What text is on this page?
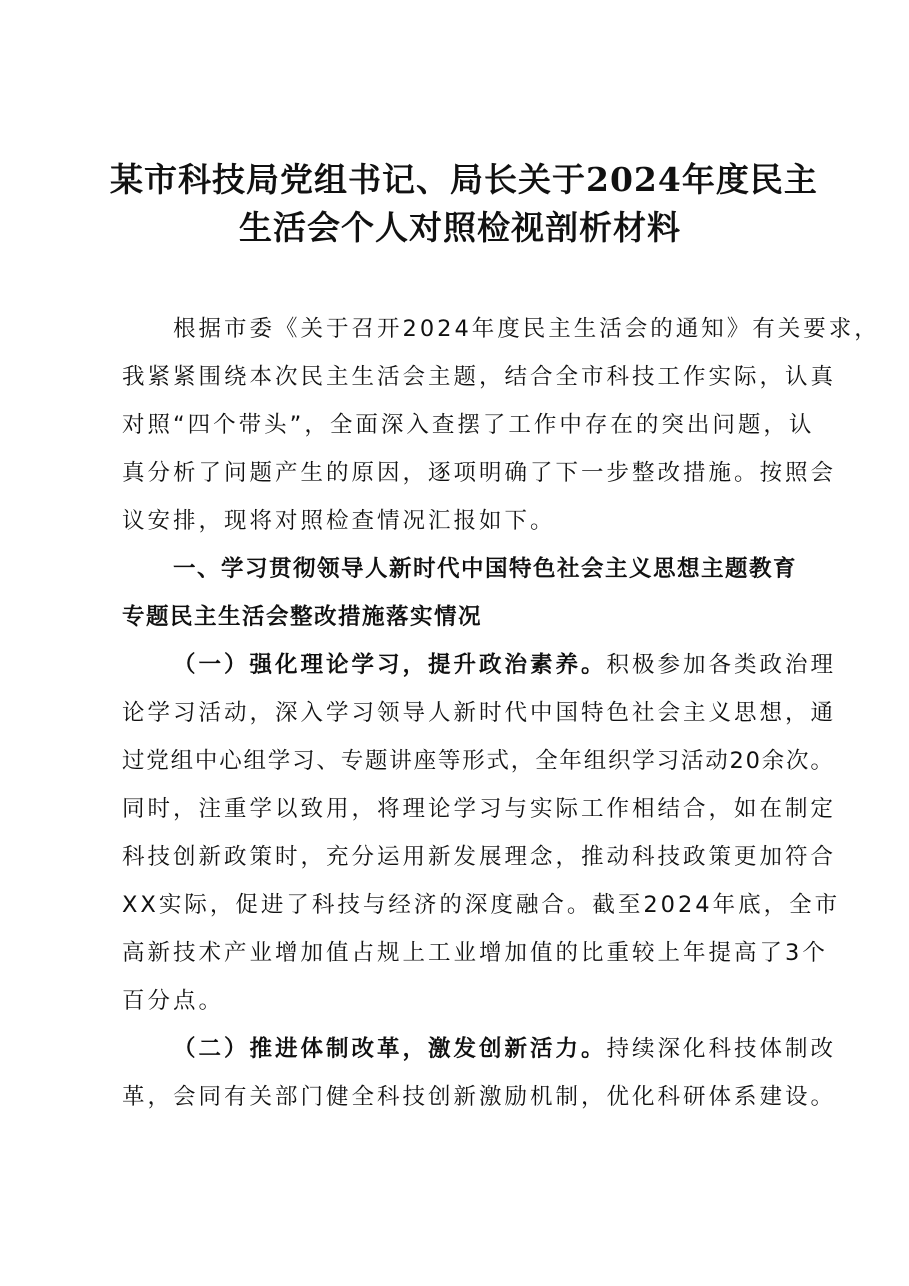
某市科技局党组书记、局长关于2024年度民主
生活会个人对照检视剖析材料

根据市委《关于召开2024年度民主生活会的通知》有关要求，

我紧紧围绕本次民主生活会主题，结合全市科技工作实际，认真

对照“四个带头”，全面深入查摆了工作中存在的突出问题，认

真分析了问题产生的原因，逐项明确了下一步整改措施。按照会

议安排，现将对照检查情况汇报如下。

一、学习贯彻领导人新时代中国特色社会主义思想主题教育

专题民主生活会整改措施落实情况

（一）强化理论学习，提升政治素养。积极参加各类政治理

论学习活动，深入学习领导人新时代中国特色社会主义思想，通

过党组中心组学习、专题讲座等形式，全年组织学习活动20余次。

同时，注重学以致用，将理论学习与实际工作相结合，如在制定

科技创新政策时，充分运用新发展理念，推动科技政策更加符合

XX实际，促进了科技与经济的深度融合。截至2024年底，全市

高新技术产业增加值占规上工业增加值的比重较上年提高了3个

百分点。

（二）推进体制改革，激发创新活力。持续深化科技体制改

革，会同有关部门健全科技创新激励机制，优化科研体系建设。
